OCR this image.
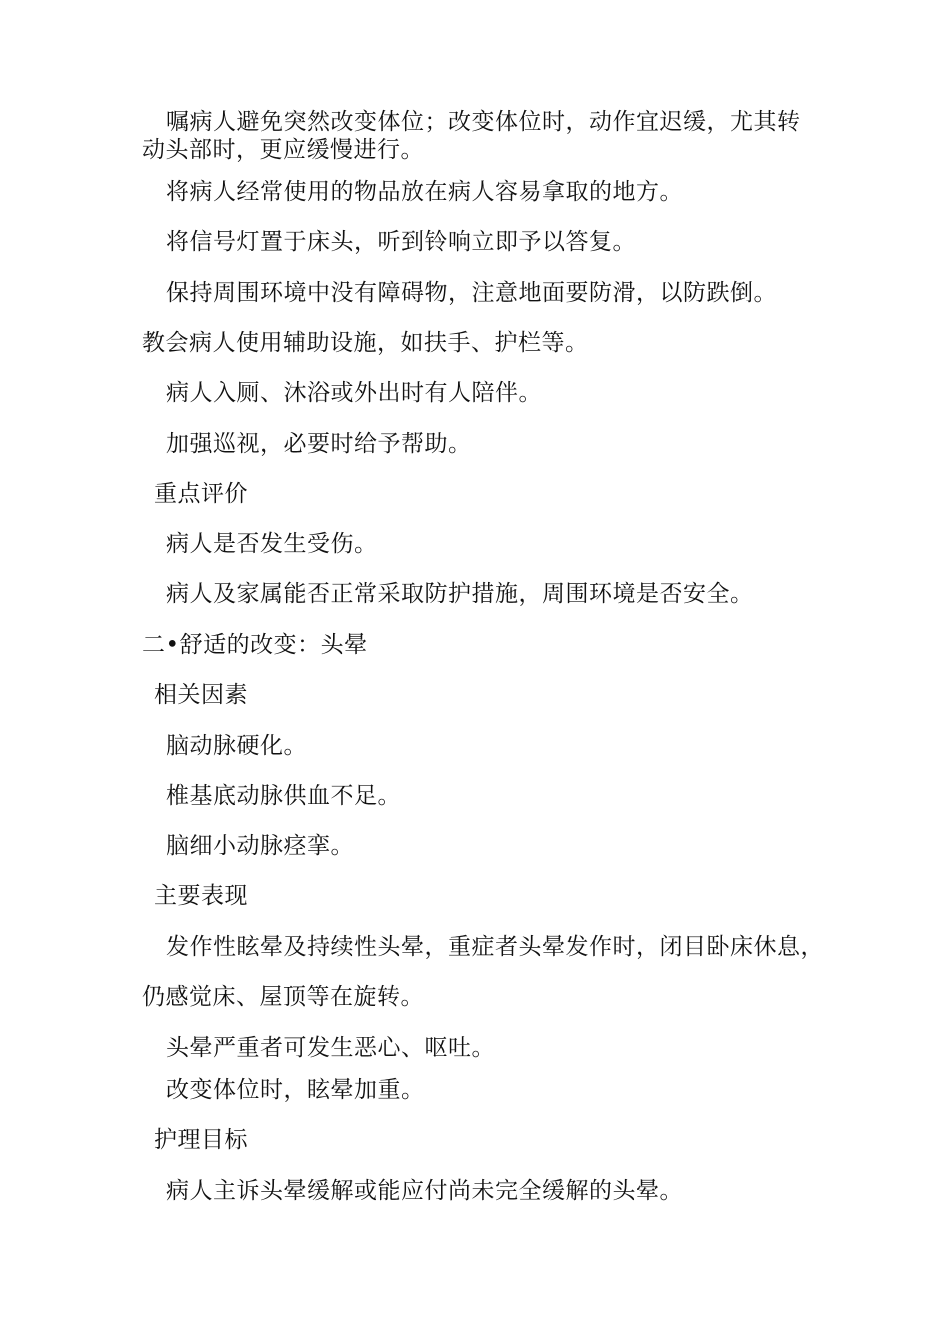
嘱病人避免突然改变体位；改变体位时，动作宜迟缓，尤其转
动头部时，更应缓慢进行。
将病人经常使用的物品放在病人容易拿取的地方。
将信号灯置于床头，听到铃响立即予以答复。
保持周围环境中没有障碍物，注意地面要防滑，以防跌倒。
教会病人使用辅助设施，如扶手、护栏等。
病人入厕、沐浴或外出时有人陪伴。
加强巡视，必要时给予帮助。
重点评价
病人是否发生受伤。
病人及家属能否正常采取防护措施，周围环境是否安全。
二•舒适的改变：头晕
相关因素
脑动脉硬化。
椎基底动脉供血不足。
脑细小动脉痉挛。
主要表现
发作性眩晕及持续性头晕，重症者头晕发作时，闭目卧床休息，
仍感觉床、屋顶等在旋转。
头晕严重者可发生恶心、呕吐。
改变体位时，眩晕加重。
护理目标
病人主诉头晕缓解或能应付尚未完全缓解的头晕。
